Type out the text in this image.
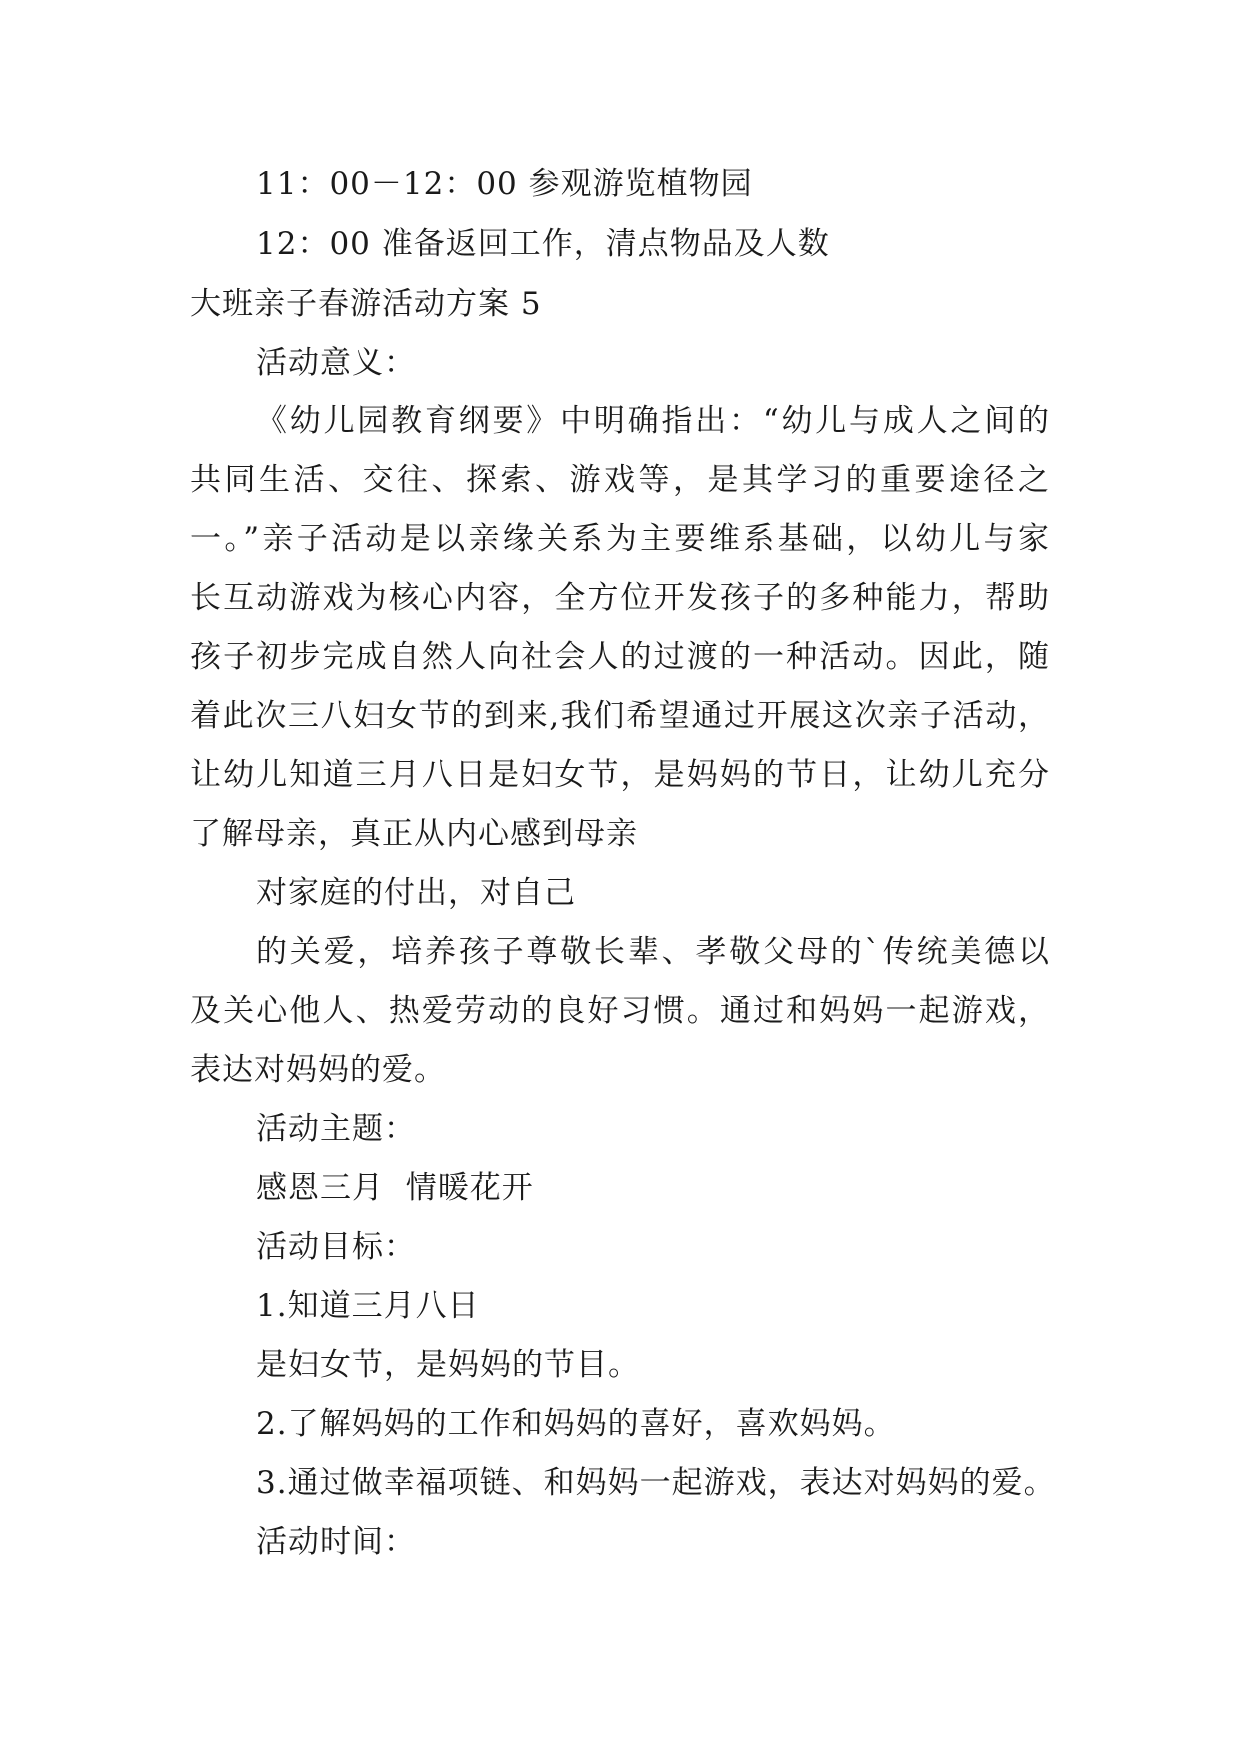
11：00－12：00 参观游览植物园
12：00 准备返回工作，清点物品及人数
大班亲子春游活动方案 5
活动意义：
《幼儿园教育纲要》中明确指出：“幼儿与成人之间的
共同生活、交往、探索、游戏等，是其学习的重要途径之
一。”亲子活动是以亲缘关系为主要维系基础，以幼儿与家
长互动游戏为核心内容，全方位开发孩子的多种能力，帮助
孩子初步完成自然人向社会人的过渡的一种活动。因此，随
着此次三八妇女节的到来,我们希望通过开展这次亲子活动，
让幼儿知道三月八日是妇女节，是妈妈的节日，让幼儿充分
了解母亲，真正从内心感到母亲
对家庭的付出，对自己
的关爱，培养孩子尊敬长辈、孝敬父母的`传统美德以
及关心他人、热爱劳动的良好习惯。通过和妈妈一起游戏，
表达对妈妈的爱。
活动主题：
感恩三月  情暖花开
活动目标：
1.知道三月八日
是妇女节，是妈妈的节目。
2.了解妈妈的工作和妈妈的喜好，喜欢妈妈。
3.通过做幸福项链、和妈妈一起游戏，表达对妈妈的爱。
活动时间：
